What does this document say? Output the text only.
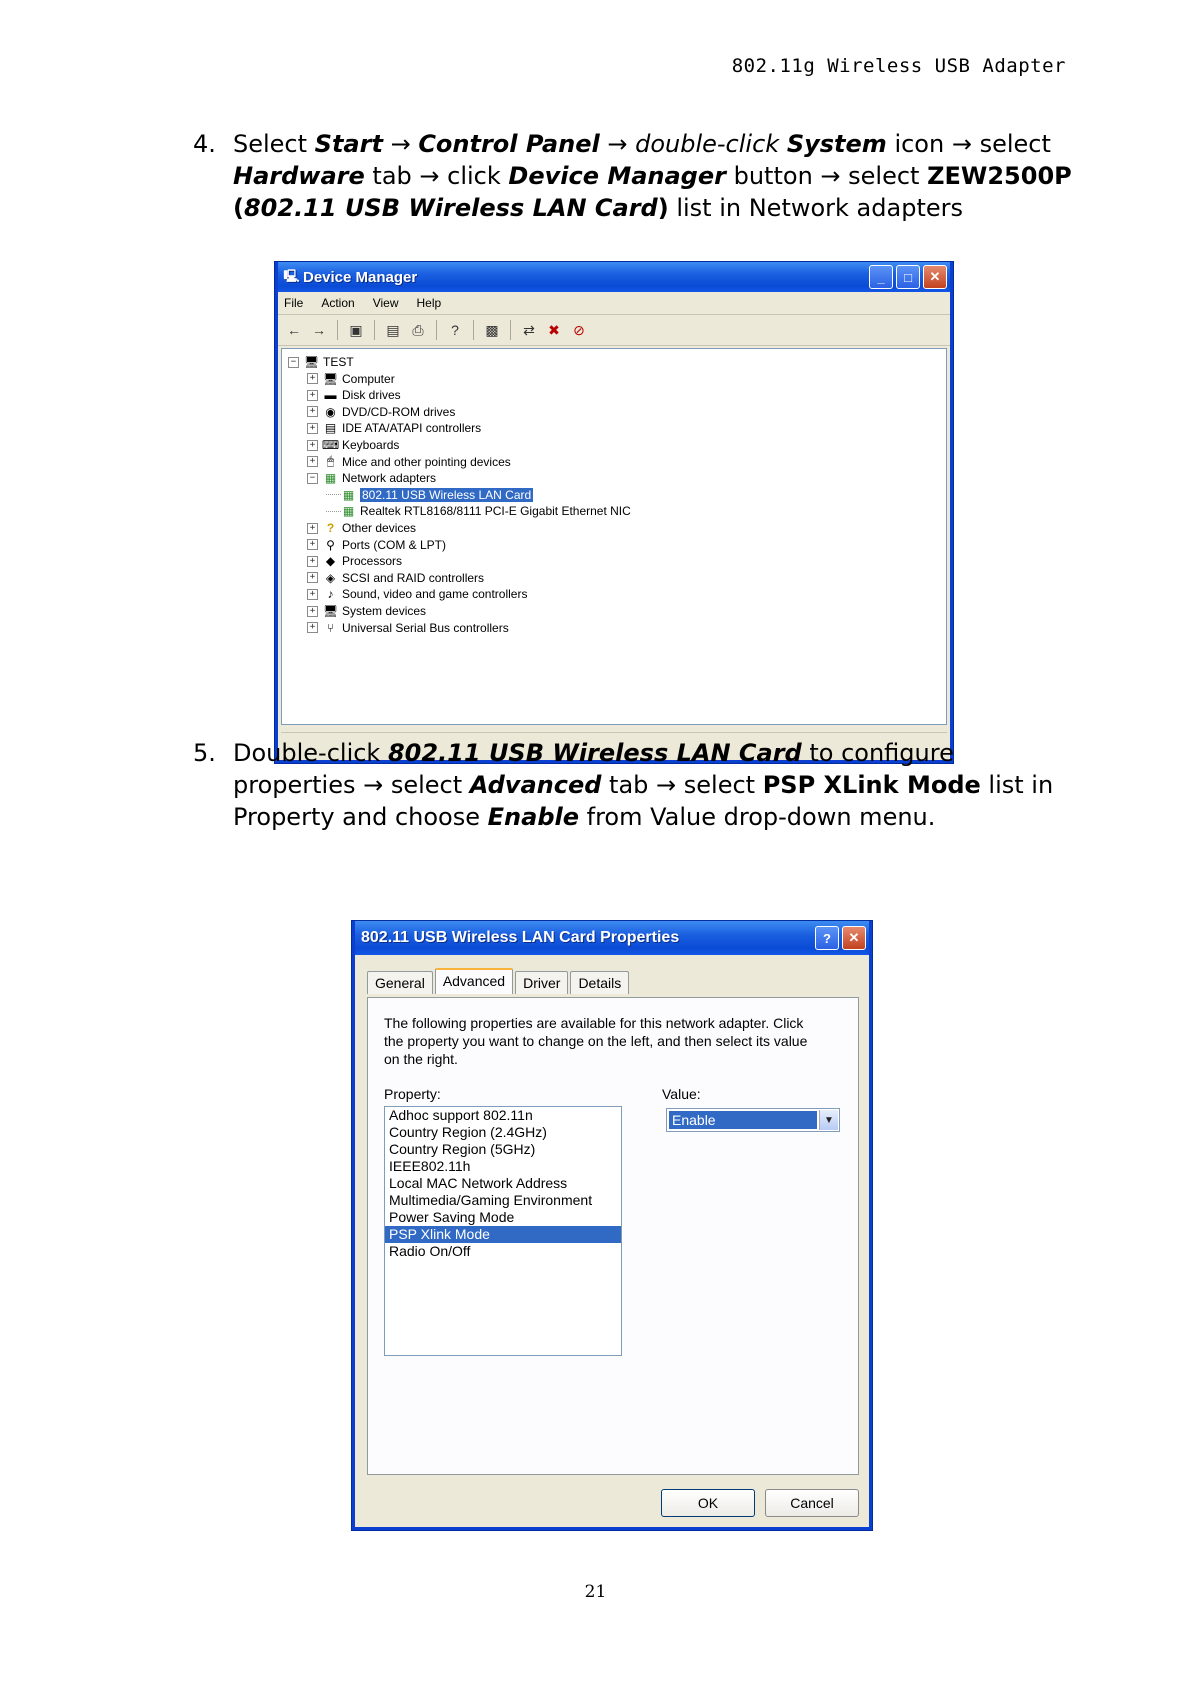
802.11g Wireless USB Adapter
4. Select Start → Control Panel → double-click System icon → select Hardware tab → click Device Manager button → select ZEW2500P (802.11 USB Wireless LAN Card) list in Network adapters
🖳 Device Manager	_	□	✕
File Action View Help
← → ▣ ▤ ⎙	?	▩ ⇄ ✖ ⊘
− 🖥 TEST
+ 🖥 Computer
+ ▬ Disk drives
+ ◉ DVD/CD-ROM drives
+ ▤ IDE ATA/ATAPI controllers
+ ⌨ Keyboards
+ 🖱 Mice and other pointing devices
− ▦ Network adapters
▦ 802.11 USB Wireless LAN Card
▦ Realtek RTL8168/8111 PCI-E Gigabit Ethernet NIC
+ ? Other devices
+ ⚲ Ports (COM & LPT)
+ ◆ Processors
+ ◈ SCSI and RAID controllers
+	♪ Sound, video and game controllers
+ 🖥 System devices
+ ⑂ Universal Serial Bus controllers
5. Double-click 802.11 USB Wireless LAN Card to configure properties → select Advanced tab → select PSP XLink Mode list in Property and choose Enable from Value drop-down menu.
802.11 USB Wireless LAN Card Properties	?	✕
General	Advanced	Driver	Details
The following properties are available for this network adapter. Click the property you want to change on the left, and then select its value on the right.
Property:	Value:
Adhoc support 802.11n
Country Region (2.4GHz)
Country Region (5GHz)
IEEE802.11h
Local MAC Network Address
Multimedia/Gaming Environment
Power Saving Mode
PSP Xlink Mode
Radio On/Off
Enable	▼
OK	Cancel
21
